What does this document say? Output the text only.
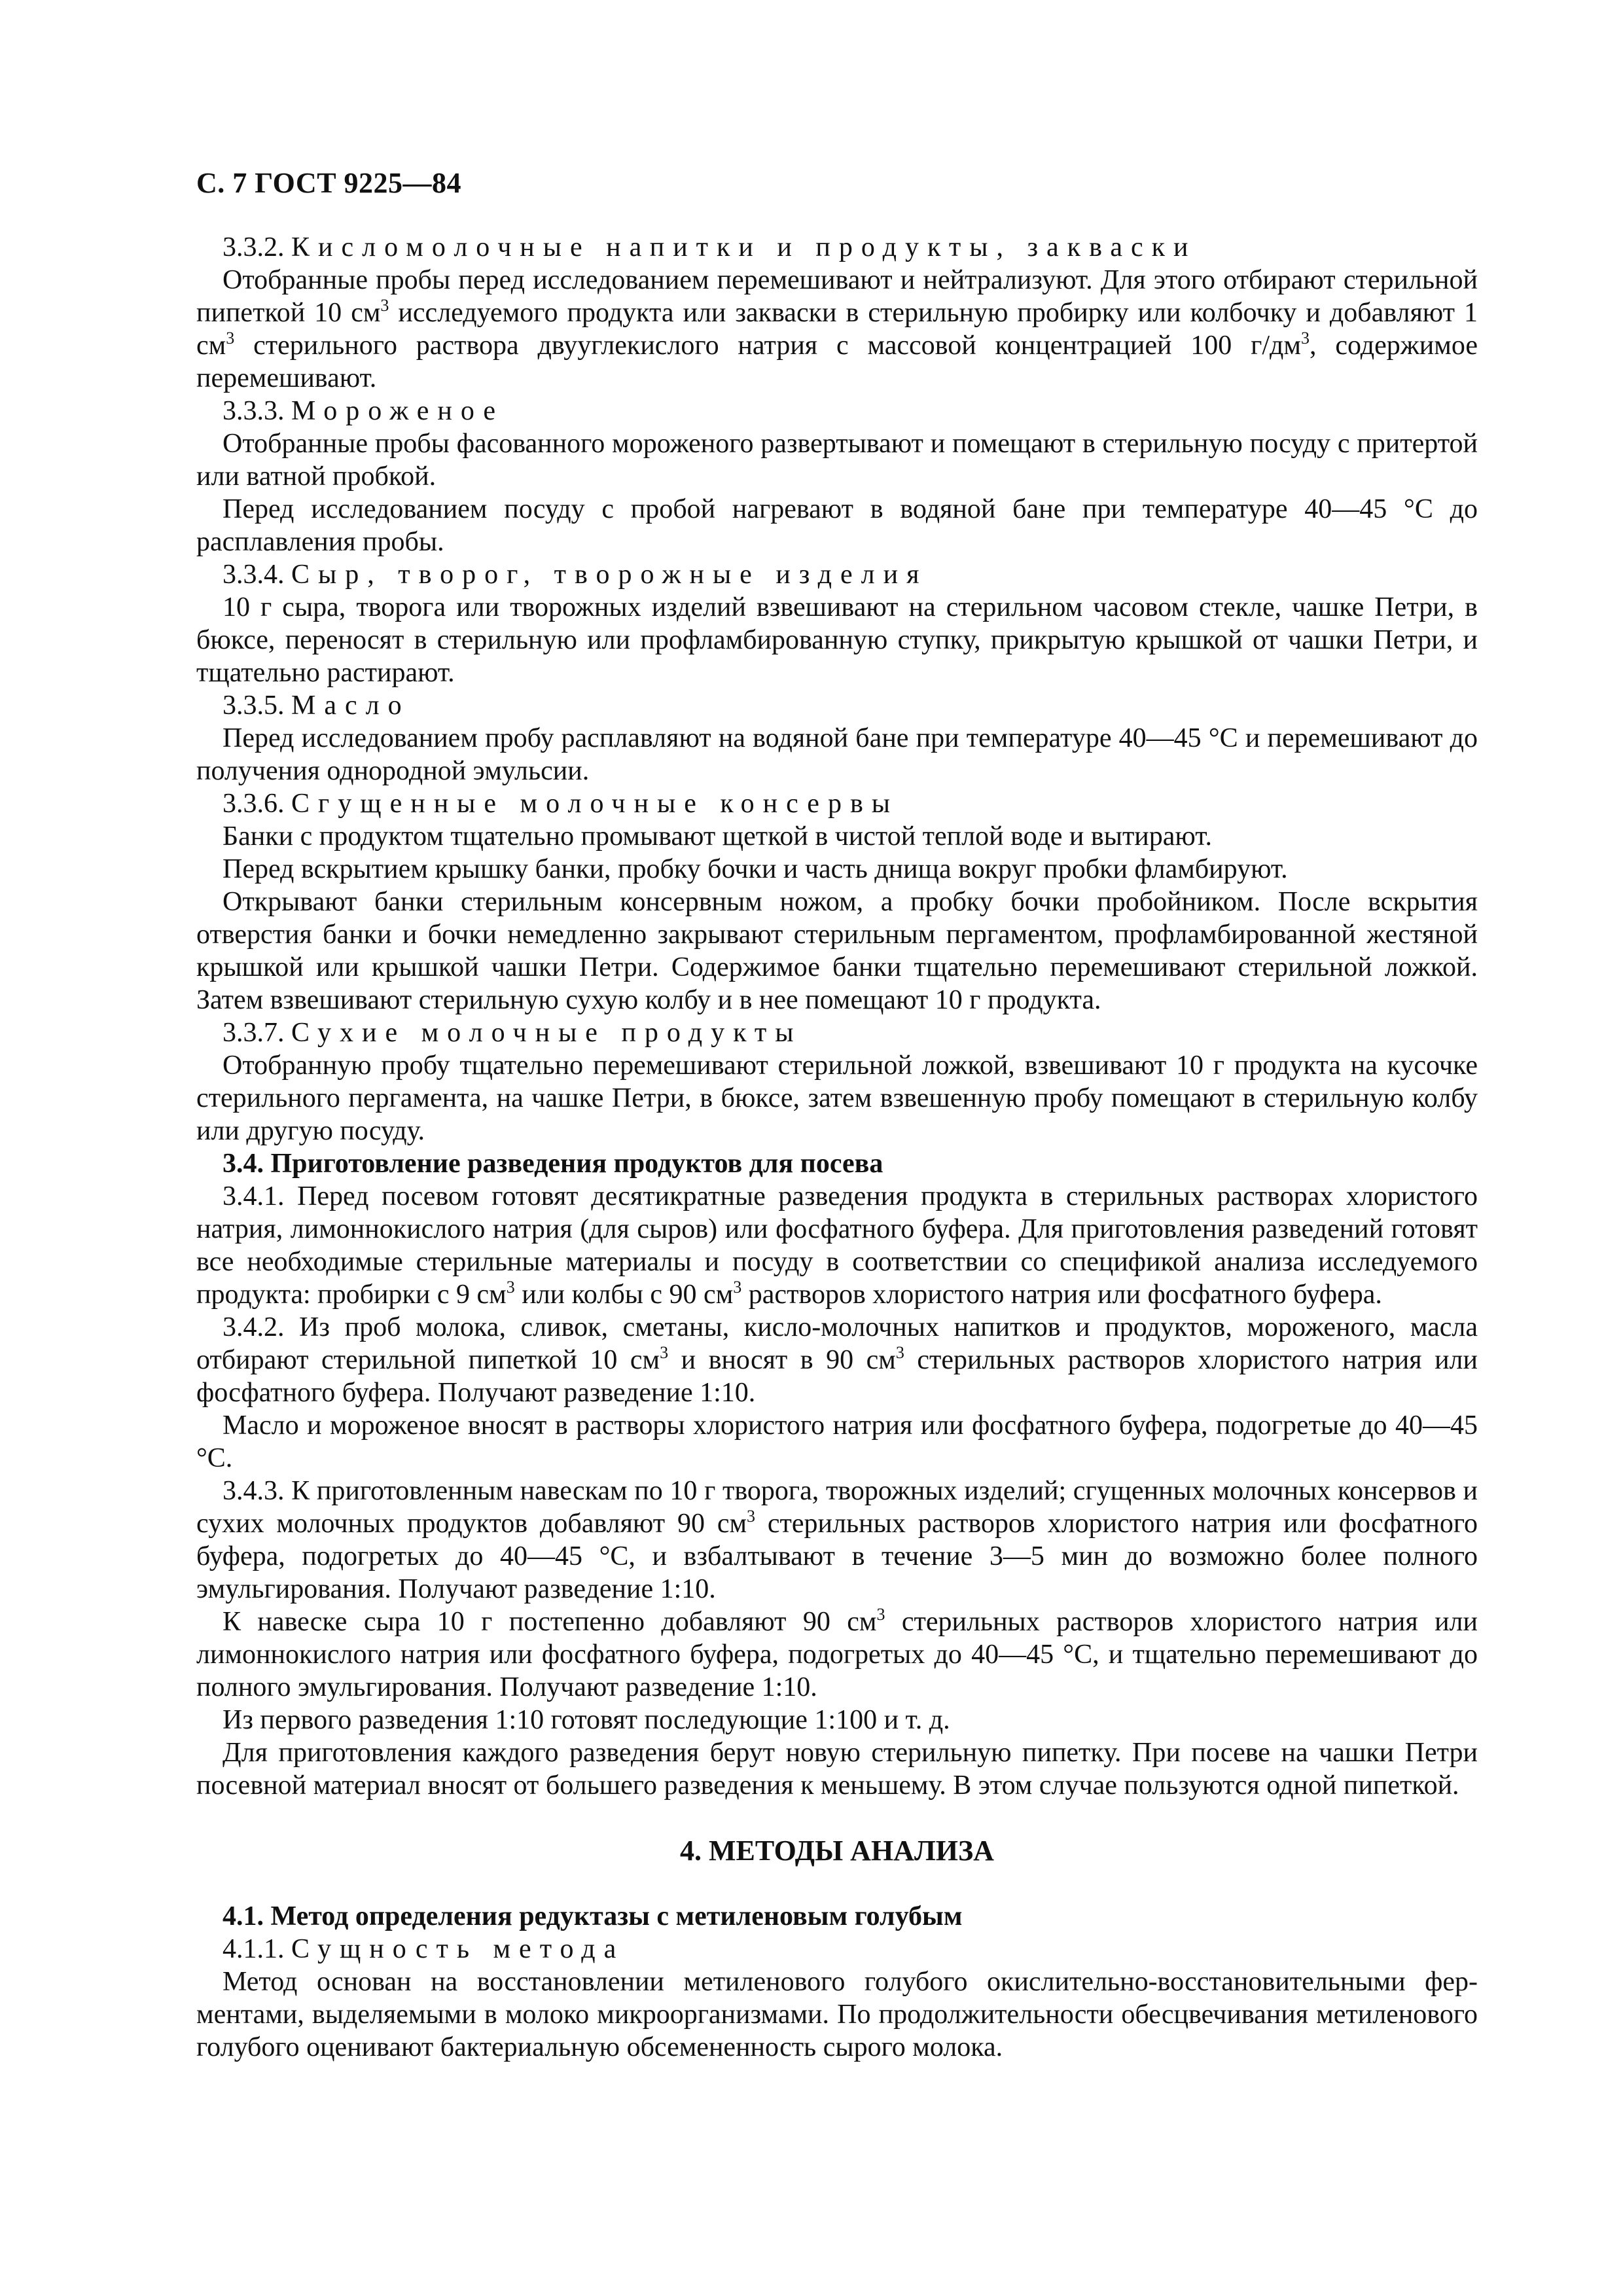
С. 7 ГОСТ 9225—84

3.3.2. Кисломолочные напитки и продукты, закваски

Отобранные пробы перед исследованием перемешивают и нейтрализуют. Для этого отбирают стерильной пипеткой 10 $см^3$ исследуемого продукта или закваски в стерильную пробирку или колбочку и добавляют 1 $см^3$ стерильного раствора двууглекислого натрия с массовой концентрацией 100 $г/дм^3$, содержимое перемешивают.

3.3.3. Мороженое

Отобранные пробы фасованного мороженого развертывают и помещают в стерильную посуду с притертой или ватной пробкой.

Перед исследованием посуду с пробой нагревают в водяной бане при температуре 40—45 °С до расплавления пробы.

3.3.4. Сыр, творог, творожные изделия

10 г сыра, творога или творожных изделий взвешивают на стерильном часовом стекле, чашке Петри, в бюксе, переносят в стерильную или профламбированную ступку, прикрытую крышкой от чашки Петри, и тщательно растирают.

3.3.5. Масло

Перед исследованием пробу расплавляют на водяной бане при температуре 40—45 °С и перемешивают до получения однородной эмульсии.

3.3.6. Сгущенные молочные консервы

Банки с продуктом тщательно промывают щеткой в чистой теплой воде и вытирают.

Перед вскрытием крышку банки, пробку бочки и часть днища вокруг пробки фламбируют.

Открывают банки стерильным консервным ножом, а пробку бочки пробойником. После вскрытия отверстия банки и бочки немедленно закрывают стерильным пергаментом, профламбированной жестяной крышкой или крышкой чашки Петри. Содержимое банки тщательно перемешивают стерильной ложкой. Затем взвешивают стерильную сухую колбу и в нее помещают 10 г продукта.

3.3.7. Сухие молочные продукты

Отобранную пробу тщательно перемешивают стерильной ложкой, взвешивают 10 г продукта на кусочке стерильного пергамента, на чашке Петри, в бюксе, затем взвешенную пробу помещают в стерильную колбу или другую посуду.

3.4. Приготовление разведения продуктов для посева

3.4.1. Перед посевом готовят десятикратные разведения продукта в стерильных растворах хлористого натрия, лимоннокислого натрия (для сыров) или фосфатного буфера. Для приготовления разведений готовят все необходимые стерильные материалы и посуду в соответствии со спецификой анализа исследуемого продукта: пробирки с 9 $см^3$ или колбы с 90 $см^3$ растворов хлористого натрия или фосфатного буфера.

3.4.2. Из проб молока, сливок, сметаны, кисло-молочных напитков и продуктов, мороженого, масла отбирают стерильной пипеткой 10 $см^3$ и вносят в 90 $см^3$ стерильных растворов хлористого натрия или фосфатного буфера. Получают разведение 1:10.

Масло и мороженое вносят в растворы хлористого натрия или фосфатного буфера, подогретые до 40—45 °С.

3.4.3. К приготовленным навескам по 10 г творога, творожных изделий; сгущенных молочных консервов и сухих молочных продуктов добавляют 90 $см^3$ стерильных растворов хлористого натрия или фосфатного буфера, подогретых до 40—45 °С, и взбалтывают в течение 3—5 мин до возможно более полного эмульгирования. Получают разведение 1:10.

К навеске сыра 10 г постепенно добавляют 90 $см^3$ стерильных растворов хлористого натрия или лимоннокислого натрия или фосфатного буфера, подогретых до 40—45 °С, и тщательно перемешивают до полного эмульгирования. Получают разведение 1:10.

Из первого разведения 1:10 готовят последующие 1:100 и т. д.

Для приготовления каждого разведения берут новую стерильную пипетку. При посеве на чашки Петри посевной материал вносят от большего разведения к меньшему. В этом случае пользуются одной пипеткой.

4. МЕТОДЫ АНАЛИЗА

4.1. Метод определения редуктазы с метиленовым голубым

4.1.1. Сущность метода

Метод основан на восстановлении метиленового голубого окислительно-восстановительными ферментами, выделяемыми в молоко микроорганизмами. По продолжительности обесцвечивания метиленового голубого оценивают бактериальную обсемененность сырого молока.
